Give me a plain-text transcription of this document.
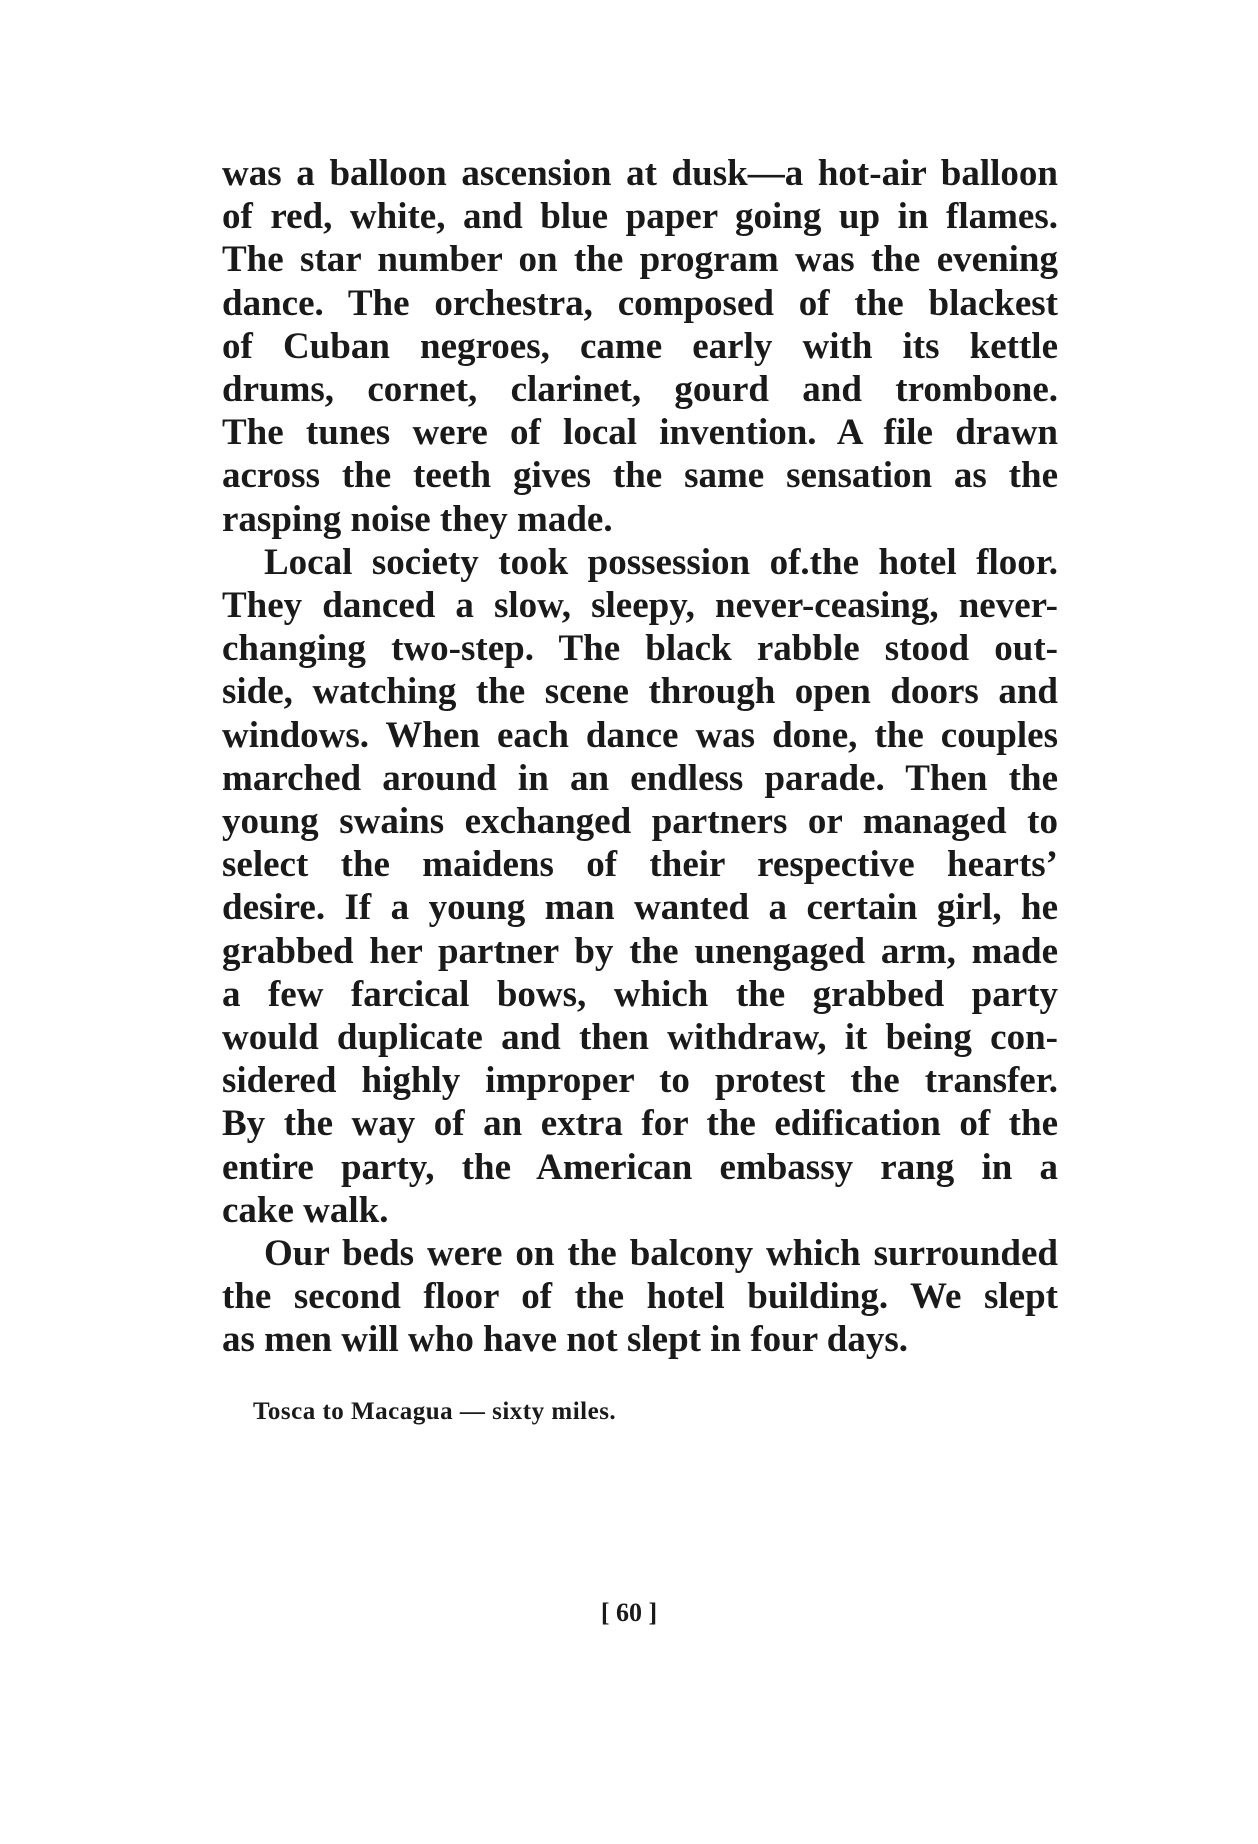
was a balloon ascension at dusk—a hot-air balloon
of red, white, and blue paper going up in flames.
The star number on the program was the evening
dance. The orchestra, composed of the blackest
of Cuban negroes, came early with its kettle
drums, cornet, clarinet, gourd and trombone.
The tunes were of local invention. A file drawn
across the teeth gives the same sensation as the
rasping noise they made.

Local society took possession of.the hotel floor.
They danced a slow, sleepy, never-ceasing, never-
changing two-step. The black rabble stood out-
side, watching the scene through open doors and
windows. When each dance was done, the couples
marched around in an endless parade. Then the
young swains exchanged partners or managed to
select the maidens of their respective hearts’
desire. If a young man wanted a certain girl, he
grabbed her partner by the unengaged arm, made
a few farcical bows, which the grabbed party
would duplicate and then withdraw, it being con-
sidered highly improper to protest the transfer.
By the way of an extra for the edification of the
entire party, the American embassy rang in a
cake walk.

Our beds were on the balcony which surrounded
the second floor of the hotel building. We slept
as men will who have not slept in four days.

Tosca to Macagua — sixty miles.
[ 60 ]
